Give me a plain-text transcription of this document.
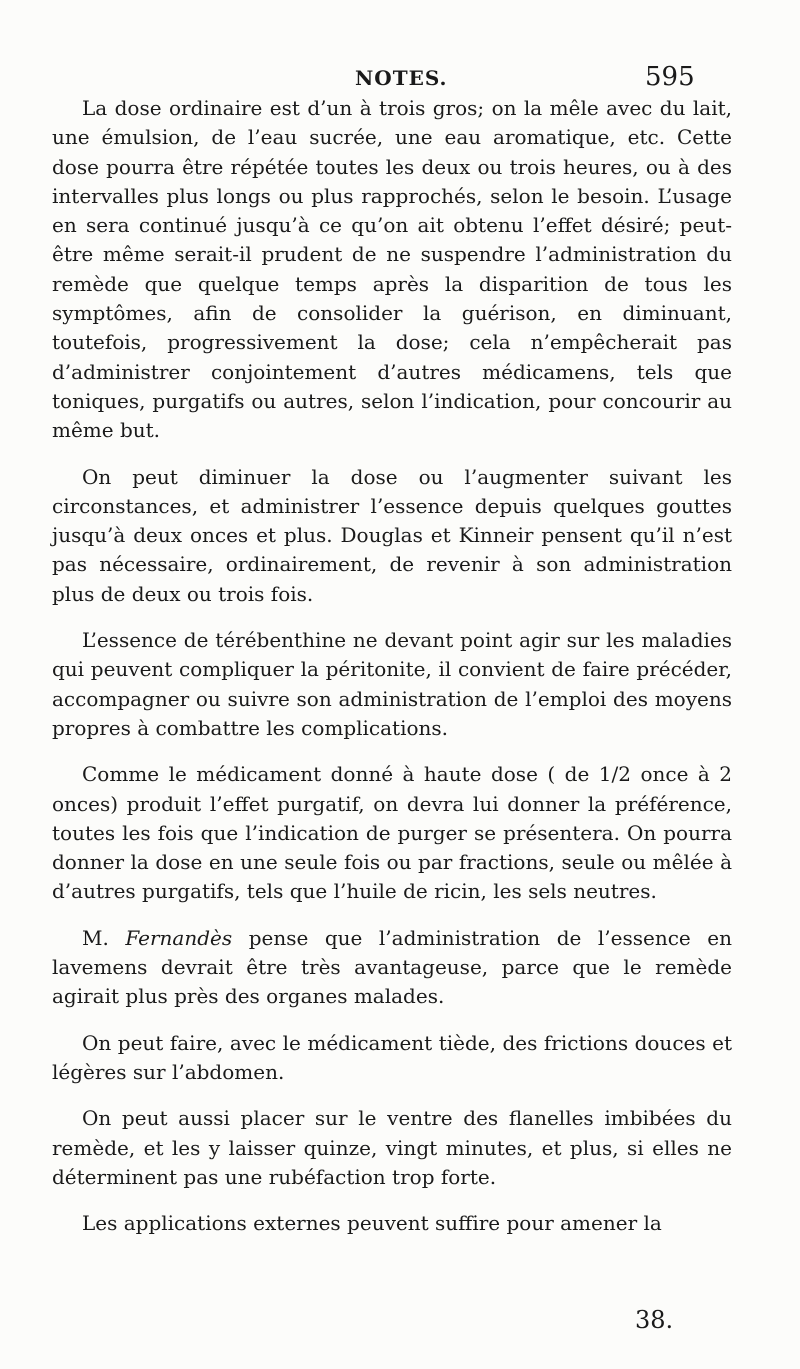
NOTES.	595

La dose ordinaire est d’un à trois gros; on la mêle avec du lait, une émulsion, de l’eau sucrée, une eau aromatique, etc. Cette dose pourra être répétée toutes les deux ou trois heures, ou à des intervalles plus longs ou plus rapprochés, selon le besoin. L’usage en sera continué jusqu’à ce qu’on ait obtenu l’effet désiré; peut-être même serait-il prudent de ne suspendre l’administration du remède que quelque temps après la disparition de tous les symptômes, afin de consolider la guérison, en diminuant, toutefois, progressivement la dose; cela n’empêcherait pas d’administrer conjointement d’autres médicamens, tels que toniques, purgatifs ou autres, selon l’indication, pour concourir au même but.

On peut diminuer la dose ou l’augmenter suivant les circonstances, et administrer l’essence depuis quelques gouttes jusqu’à deux onces et plus. Douglas et Kinneir pensent qu’il n’est pas nécessaire, ordinairement, de revenir à son administration plus de deux ou trois fois.

L’essence de térébenthine ne devant point agir sur les maladies qui peuvent compliquer la péritonite, il convient de faire précéder, accompagner ou suivre son administration de l’emploi des moyens propres à combattre les complications.

Comme le médicament donné à haute dose ( de 1/2 once à 2 onces) produit l’effet purgatif, on devra lui donner la préférence, toutes les fois que l’indication de purger se présentera. On pourra donner la dose en une seule fois ou par fractions, seule ou mêlée à d’autres purgatifs, tels que l’huile de ricin, les sels neutres.

M. Fernandès pense que l’administration de l’essence en lavemens devrait être très avantageuse, parce que le remède agirait plus près des organes malades.

On peut faire, avec le médicament tiède, des frictions douces et légères sur l’abdomen.

On peut aussi placer sur le ventre des flanelles imbibées du remède, et les y laisser quinze, vingt minutes, et plus, si elles ne déterminent pas une rubéfaction trop forte.

Les applications externes peuvent suffire pour amener la

38.
